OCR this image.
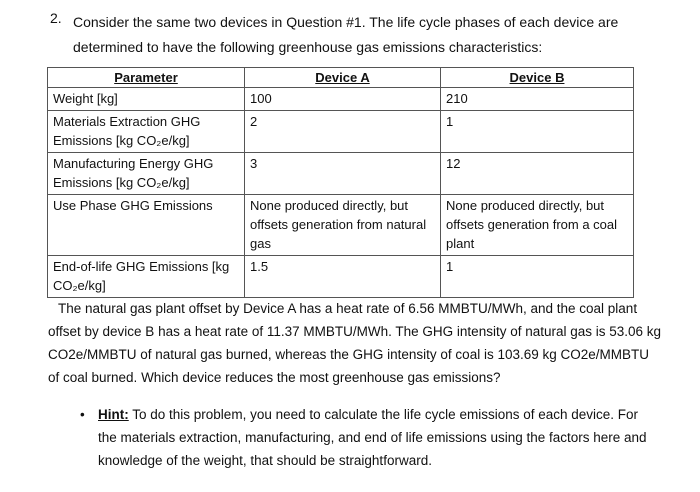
2. Consider the same two devices in Question #1. The life cycle phases of each device are determined to have the following greenhouse gas emissions characteristics:
Parameter	Device A	Device B
Weight [kg]	100	210
Materials Extraction GHG Emissions [kg CO₂e/kg]	2	1
Manufacturing Energy GHG Emissions [kg CO₂e/kg]	3	12
Use Phase GHG Emissions	None produced directly, but offsets generation from natural gas	None produced directly, but offsets generation from a coal plant
End-of-life GHG Emissions [kg CO₂e/kg]	1.5	1
The natural gas plant offset by Device A has a heat rate of 6.56 MMBTU/MWh, and the coal plant offset by device B has a heat rate of 11.37 MMBTU/MWh. The GHG intensity of natural gas is 53.06 kg CO2e/MMBTU of natural gas burned, whereas the GHG intensity of coal is 103.69 kg CO2e/MMBTU of coal burned. Which device reduces the most greenhouse gas emissions?
• Hint: To do this problem, you need to calculate the life cycle emissions of each device. For the materials extraction, manufacturing, and end of life emissions using the factors here and knowledge of the weight, that should be straightforward.
